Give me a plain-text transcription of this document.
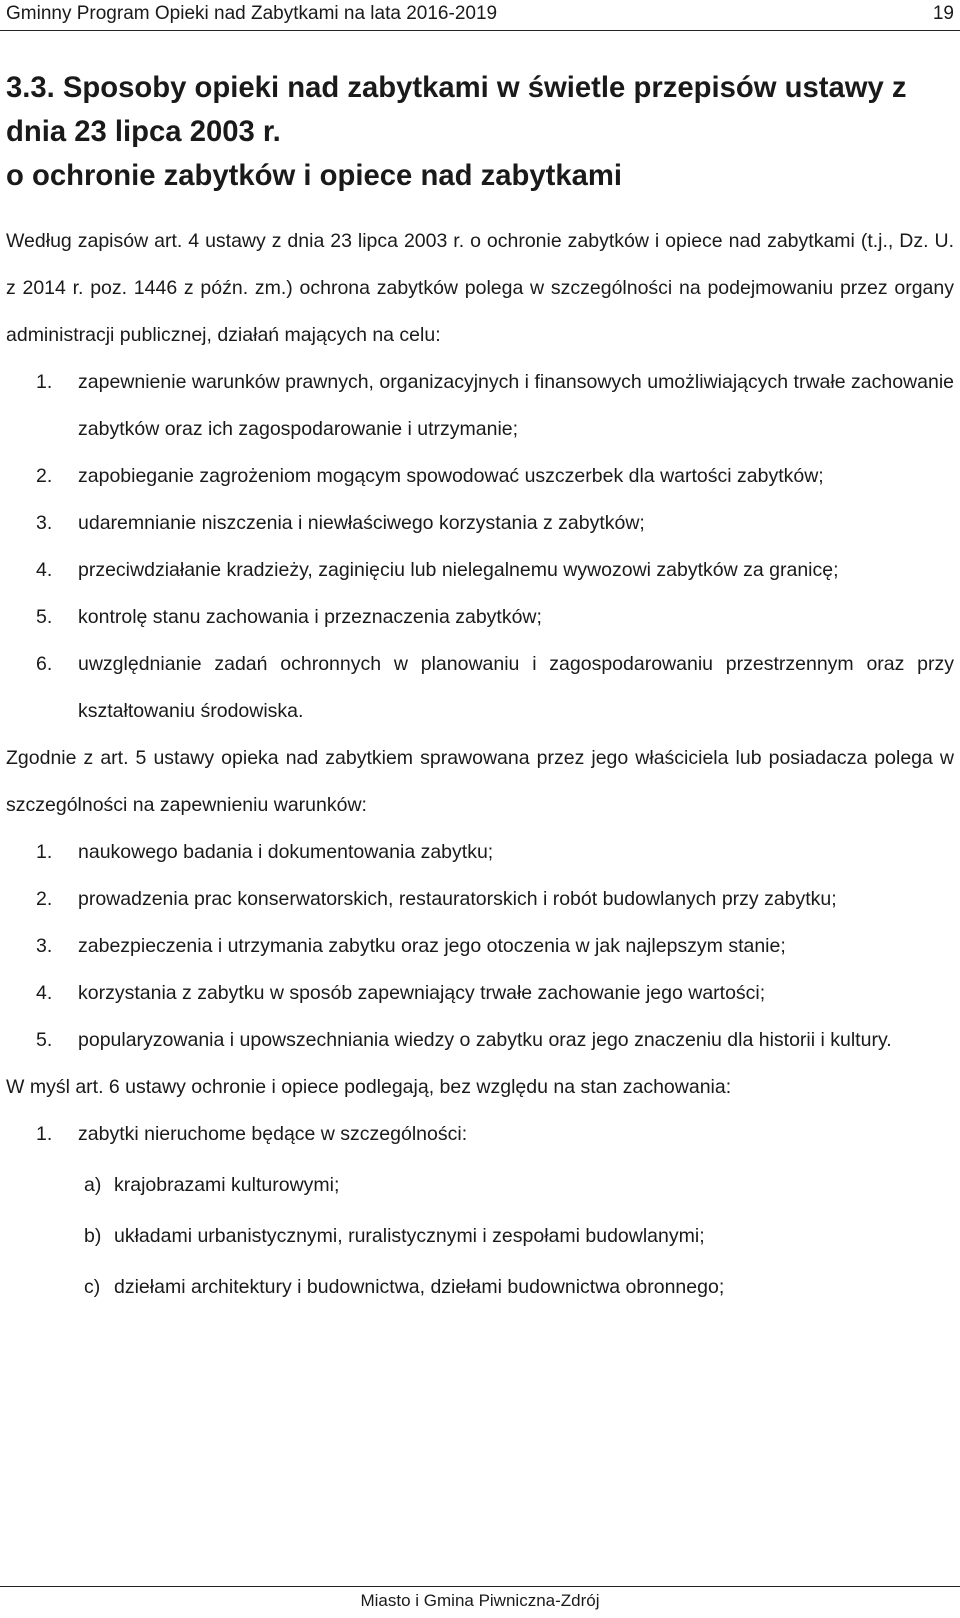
Gminny Program Opieki nad Zabytkami na lata 2016-2019	19
3.3. Sposoby opieki nad zabytkami w świetle przepisów ustawy z dnia 23 lipca 2003 r.
o ochronie zabytków i opiece nad zabytkami

Według zapisów art. 4 ustawy z dnia 23 lipca 2003 r. o ochronie zabytków i opiece nad zabytkami (t.j., Dz. U. z 2014 r. poz. 1446 z późn. zm.) ochrona zabytków polega w szczególności na podejmowaniu przez organy administracji publicznej, działań mających na celu:

1. zapewnienie warunków prawnych, organizacyjnych i finansowych umożliwiających trwałe zachowanie zabytków oraz ich zagospodarowanie i utrzymanie;
2. zapobieganie zagrożeniom mogącym spowodować uszczerbek dla wartości zabytków;
3. udaremnianie niszczenia i niewłaściwego korzystania z zabytków;
4. przeciwdziałanie kradzieży, zaginięciu lub nielegalnemu wywozowi zabytków za granicę;
5. kontrolę stanu zachowania i przeznaczenia zabytków;
6. uwzględnianie zadań ochronnych w planowaniu i zagospodarowaniu przestrzennym oraz przy kształtowaniu środowiska.

Zgodnie z art. 5 ustawy opieka nad zabytkiem sprawowana przez jego właściciela lub posiadacza polega w szczególności na zapewnieniu warunków:

1. naukowego badania i dokumentowania zabytku;
2. prowadzenia prac konserwatorskich, restauratorskich i robót budowlanych przy zabytku;
3. zabezpieczenia i utrzymania zabytku oraz jego otoczenia w jak najlepszym stanie;
4. korzystania z zabytku w sposób zapewniający trwałe zachowanie jego wartości;
5. popularyzowania i upowszechniania wiedzy o zabytku oraz jego znaczeniu dla historii i kultury.

W myśl art. 6 ustawy ochronie i opiece podlegają, bez względu na stan zachowania:

1. zabytki nieruchome będące w szczególności:
a) krajobrazami kulturowymi;
b) układami urbanistycznymi, ruralistycznymi i zespołami budowlanymi;
c) dziełami architektury i budownictwa, dziełami budownictwa obronnego;
Miasto i Gmina Piwniczna-Zdrój
